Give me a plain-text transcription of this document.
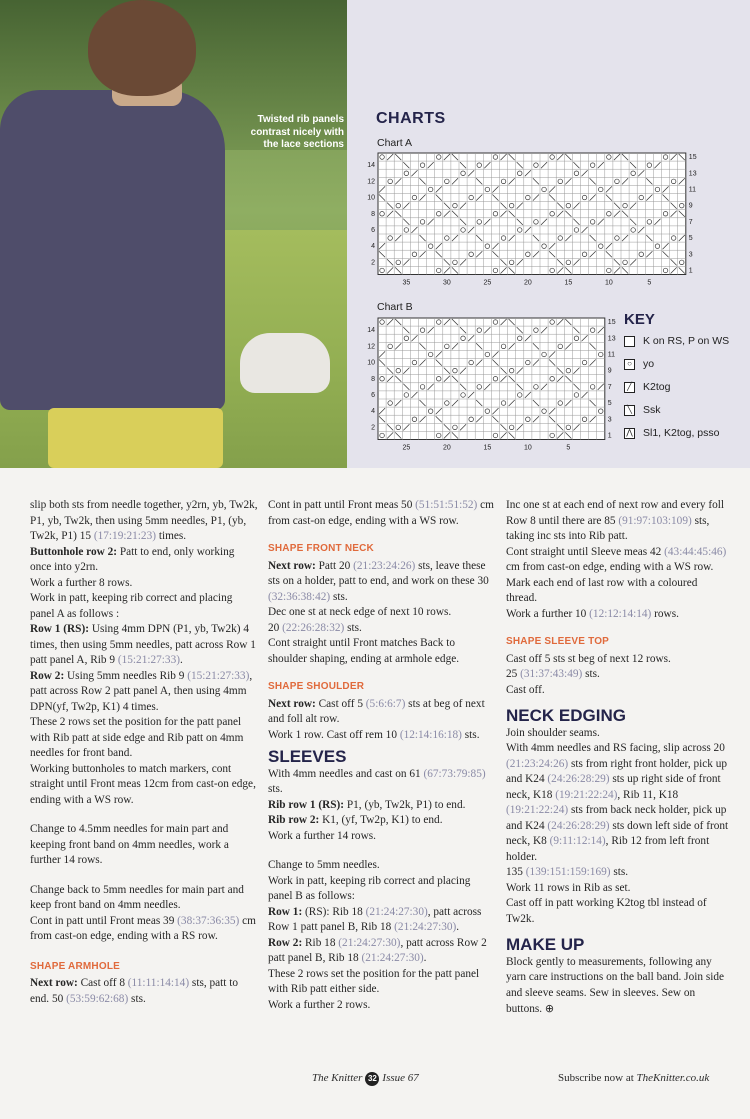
Twisted rib panels contrast nicely with the lace sections
CHARTS
Chart A
14
12
10
8
6
4
2
15
13
11
9
7
5
3
1
35	30	25	20	15	10	5
Chart B
14
12
10
8
6
4
2
15
13
11
9
7
5
3
1
25	20	15	10	5
KEY
K on RS, P on WS
○ yo
╱ K2tog
╲ Ssk
⋀ Sl1, K2tog, psso

slip both sts from needle together, y2rn, yb, Tw2k, P1, yb, Tw2k, then using 5mm needles, P1, (yb, Tw2k, P1) 15 (17:19:21:23) times.

Buttonhole row 2: Patt to end, only working once into y2rn.

Work a further 8 rows.

Work in patt, keeping rib correct and placing panel A as follows :

Row 1 (RS): Using 4mm DPN (P1, yb, Tw2k) 4 times, then using 5mm needles, patt across Row 1 patt panel A, Rib 9 (15:21:27:33).

Row 2: Using 5mm needles Rib 9 (15:21:27:33), patt across Row 2 patt panel A, then using 4mm DPN(yf, Tw2p, K1) 4 times.

These 2 rows set the position for the patt panel with Rib patt at side edge and Rib patt on 4mm needles for front band.

Working buttonholes to match markers, cont straight until Front meas 12cm from cast-on edge, ending with a WS row.

Change to 4.5mm needles for main part and keeping front band on 4mm needles, work a further 14 rows.

Change back to 5mm needles for main part and keep front band on 4mm needles.

Cont in patt until Front meas 39 (38:37:36:35) cm from cast-on edge, ending with a RS row.

SHAPE ARMHOLE

Next row: Cast off 8 (11:11:14:14) sts, patt to end. 50 (53:59:62:68) sts.

Cont in patt until Front meas 50 (51:51:51:52) cm from cast-on edge, ending with a WS row.

SHAPE FRONT NECK

Next row: Patt 20 (21:23:24:26) sts, leave these sts on a holder, patt to end, and work on these 30 (32:36:38:42) sts.

Dec one st at neck edge of next 10 rows.

20 (22:26:28:32) sts.

Cont straight until Front matches Back to shoulder shaping, ending at armhole edge.

SHAPE SHOULDER

Next row: Cast off 5 (5:6:6:7) sts at beg of next and foll alt row.

Work 1 row. Cast off rem 10 (12:14:16:18) sts.

SLEEVES

With 4mm needles and cast on 61 (67:73:79:85) sts.

Rib row 1 (RS): P1, (yb, Tw2k, P1) to end.

Rib row 2: K1, (yf, Tw2p, K1) to end.

Work a further 14 rows.

Change to 5mm needles.

Work in patt, keeping rib correct and placing panel B as follows:

Row 1: (RS): Rib 18 (21:24:27:30), patt across Row 1 patt panel B, Rib 18 (21:24:27:30).

Row 2: Rib 18 (21:24:27:30), patt across Row 2 patt panel B, Rib 18 (21:24:27:30).

These 2 rows set the position for the patt panel with Rib patt either side.

Work a further 2 rows.

Inc one st at each end of next row and every foll Row 8 until there are 85 (91:97:103:109) sts, taking inc sts into Rib patt.

Cont straight until Sleeve meas 42 (43:44:45:46) cm from cast-on edge, ending with a WS row.

Mark each end of last row with a coloured thread.

Work a further 10 (12:12:14:14) rows.

SHAPE SLEEVE TOP

Cast off 5 sts st beg of next 12 rows.

25 (31:37:43:49) sts.

Cast off.

NECK EDGING

Join shoulder seams.

With 4mm needles and RS facing, slip across 20 (21:23:24:26) sts from right front holder, pick up and K24 (24:26:28:29) sts up right side of front neck, K18 (19:21:22:24), Rib 11, K18 (19:21:22:24) sts from back neck holder, pick up and K24 (24:26:28:29) sts down left side of front neck, K8 (9:11:12:14), Rib 12 from left front holder.

135 (139:151:159:169) sts.

Work 11 rows in Rib as set.

Cast off in patt working K2tog tbl instead of Tw2k.

MAKE UP

Block gently to measurements, following any yarn care instructions on the ball band. Join side and sleeve seams. Sew in sleeves. Sew on buttons. ⊕

The Knitter 32 Issue 67	Subscribe now at TheKnitter.co.uk
